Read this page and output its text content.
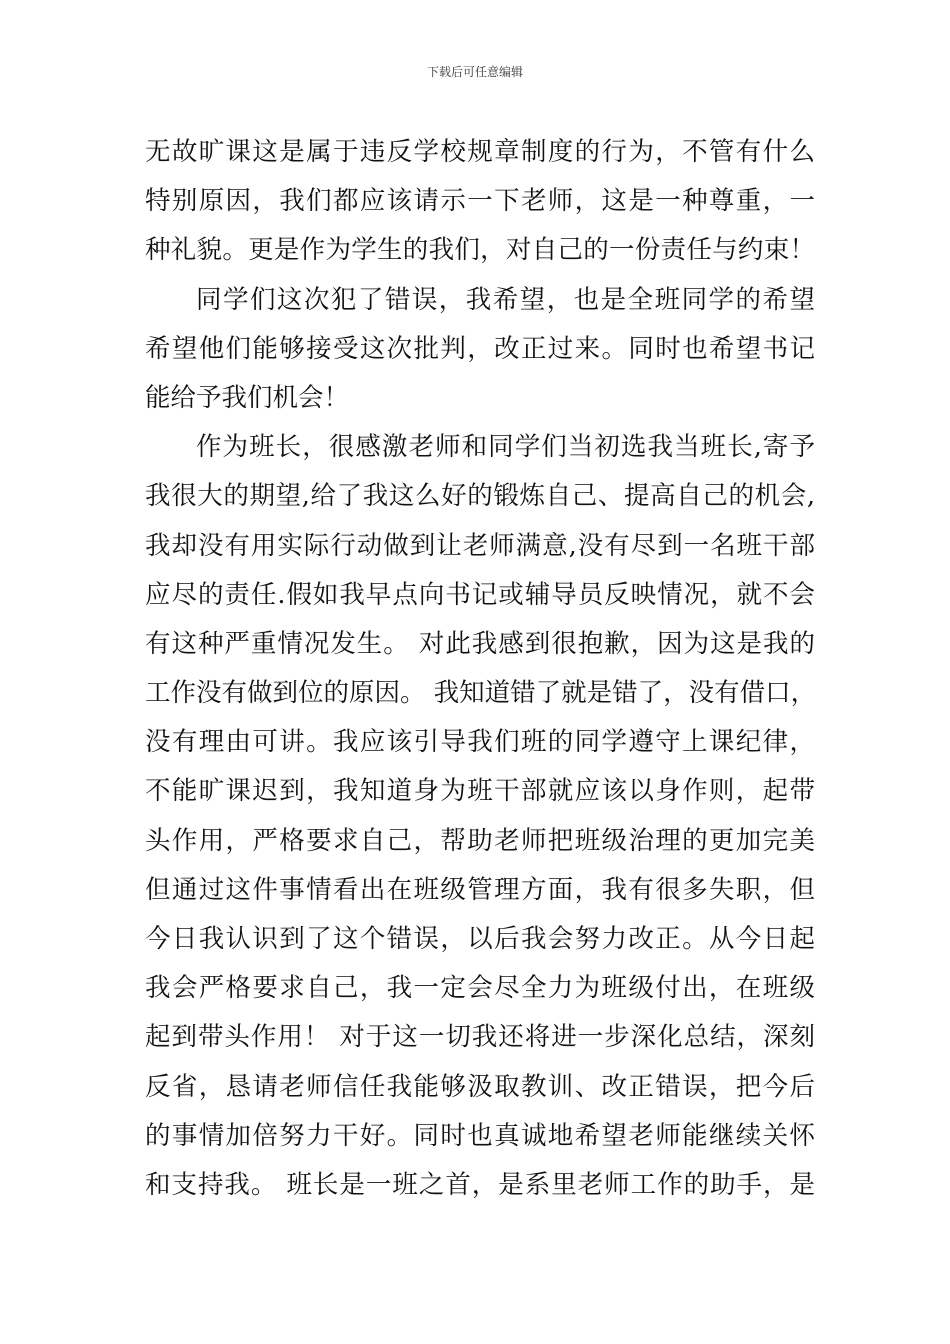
下载后可任意编辑
无故旷课这是属于违反学校规章制度的行为，不管有什么
特别原因，我们都应该请示一下老师，这是一种尊重，一
种礼貌。更是作为学生的我们，对自己的一份责任与约束！
同学们这次犯了错误，我希望，也是全班同学的希望
希望他们能够接受这次批判，改正过来。同时也希望书记
能给予我们机会！
作为班长，很感激老师和同学们当初选我当班长,寄予
我很大的期望,给了我这么好的锻炼自己、提高自己的机会,
我却没有用实际行动做到让老师满意,没有尽到一名班干部
应尽的责任.假如我早点向书记或辅导员反映情况，就不会
有这种严重情况发生。 对此我感到很抱歉，因为这是我的
工作没有做到位的原因。 我知道错了就是错了，没有借口，
没有理由可讲。我应该引导我们班的同学遵守上课纪律，
不能旷课迟到，我知道身为班干部就应该以身作则，起带
头作用，严格要求自己，帮助老师把班级治理的更加完美
但通过这件事情看出在班级管理方面，我有很多失职，但
今日我认识到了这个错误，以后我会努力改正。从今日起
我会严格要求自己，我一定会尽全力为班级付出，在班级
起到带头作用！ 对于这一切我还将进一步深化总结，深刻
反省，恳请老师信任我能够汲取教训、改正错误，把今后
的事情加倍努力干好。同时也真诚地希望老师能继续关怀
和支持我。 班长是一班之首，是系里老师工作的助手，是
